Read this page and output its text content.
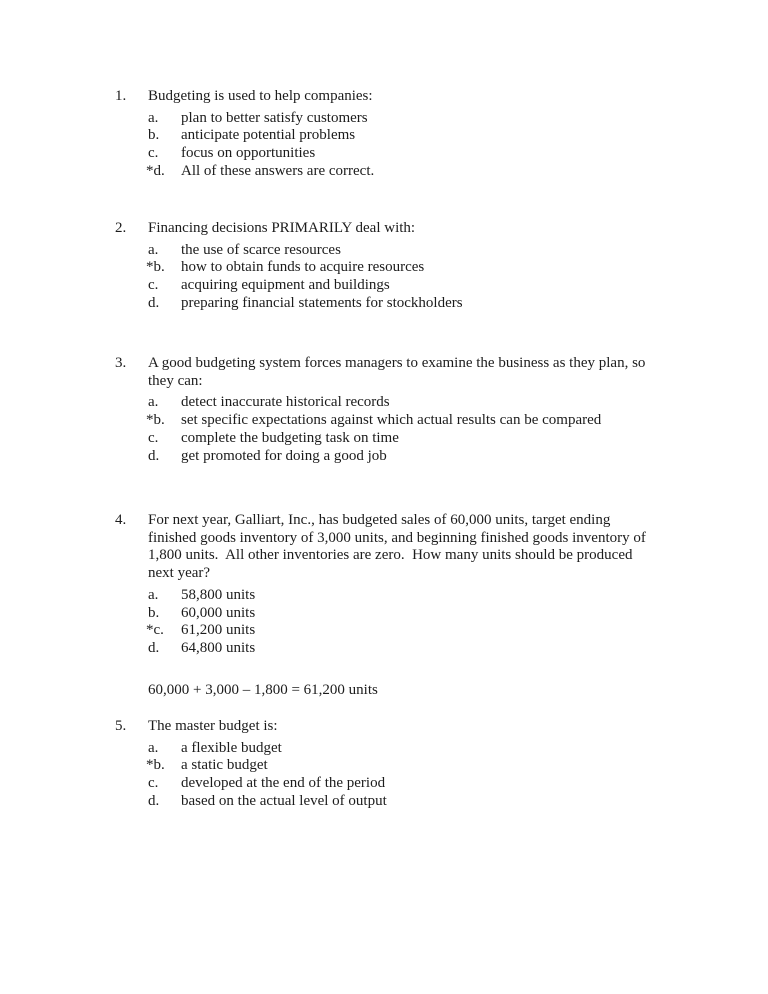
1. Budgeting is used to help companies:
a.	plan to better satisfy customers
b.	anticipate potential problems
c.	focus on opportunities
*d.	All of these answers are correct.
2. Financing decisions PRIMARILY deal with:
a.	the use of scarce resources
*b.	how to obtain funds to acquire resources
c.	acquiring equipment and buildings
d.	preparing financial statements for stockholders
3. A good budgeting system forces managers to examine the business as they plan, so
they can:
a.	detect inaccurate historical records
*b.	set specific expectations against which actual results can be compared
c.	complete the budgeting task on time
d.	get promoted for doing a good job
4. For next year, Galliart, Inc., has budgeted sales of 60,000 units, target ending
finished goods inventory of 3,000 units, and beginning finished goods inventory of
1,800 units.  All other inventories are zero.  How many units should be produced
next year?
a.	58,800 units
b.	60,000 units
*c.	61,200 units
d.	64,800 units
60,000 + 3,000 – 1,800 = 61,200 units
5. The master budget is:
a.	a flexible budget
*b.	a static budget
c.	developed at the end of the period
d.	based on the actual level of output
